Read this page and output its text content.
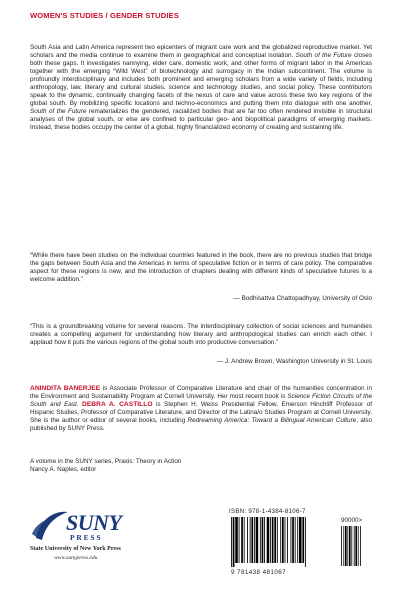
WOMEN'S STUDIES / GENDER STUDIES

South Asia and Latin America represent two epicenters of migrant care work and the globalized reproductive market. Yet scholars and the media continue to examine them in geographical and conceptual isolation. South of the Future closes both these gaps. It investigates nannying, elder care, domestic work, and other forms of migrant labor in the Americas together with the emerging “Wild West” of biotechnology and surrogacy in the Indian subcontinent. The volume is profoundly interdisciplinary and includes both prominent and emerging scholars from a wide variety of fields, including anthropology, law, literary and cultural studies, science and technology studies, and social policy. These contributors speak to the dynamic, continually changing facets of the nexus of care and value across these two key regions of the global south. By mobilizing specific locations and techno-economics and putting them into dialogue with one another, South of the Future rematerializes the gendered, racialized bodies that are far too often rendered invisible in structural analyses of the global south, or else are confined to particular geo- and biopolitical paradigms of emerging markets. Instead, these bodies occupy the center of a global, highly financialized economy of creating and sustaining life.

“While there have been studies on the individual countries featured in the book, there are no previous studies that bridge the gaps between South Asia and the Americas in terms of speculative fiction or in terms of care policy. The comparative aspect for these regions is new, and the introduction of chapters dealing with different kinds of speculative futures is a welcome addition.”

— Bodhisattva Chattopadhyay, University of Oslo

“This is a groundbreaking volume for several reasons. The interdisciplinary collection of social sciences and humanities creates a compelling argument for understanding how literary and anthropological studies can enrich each other. I applaud how it puts the various regions of the global south into productive conversation.”

— J. Andrew Brown, Washington University in St. Louis

ANINDITA BANERJEE is Associate Professor of Comparative Literature and chair of the humanities concentration in the Environment and Sustainability Program at Cornell University. Her most recent book is Science Fiction Circuits of the South and East. DEBRA A. CASTILLO is Stephen H. Weiss Presidential Fellow, Emerson Hinchliff Professor of Hispanic Studies, Professor of Comparative Literature, and Director of the Latina/o Studies Program at Cornell University. She is the author or editor of several books, including Redreaming America: Toward a Bilingual American Culture, also published by SUNY Press.

A volume in the SUNY series, Praxis: Theory in Action
Nancy A. Naples, editor

SUNY
PRESS
State University of New York Press
www.sunypress.edu
ISBN: 978-1-4384-8106-7
90000>
9 781438 481067
